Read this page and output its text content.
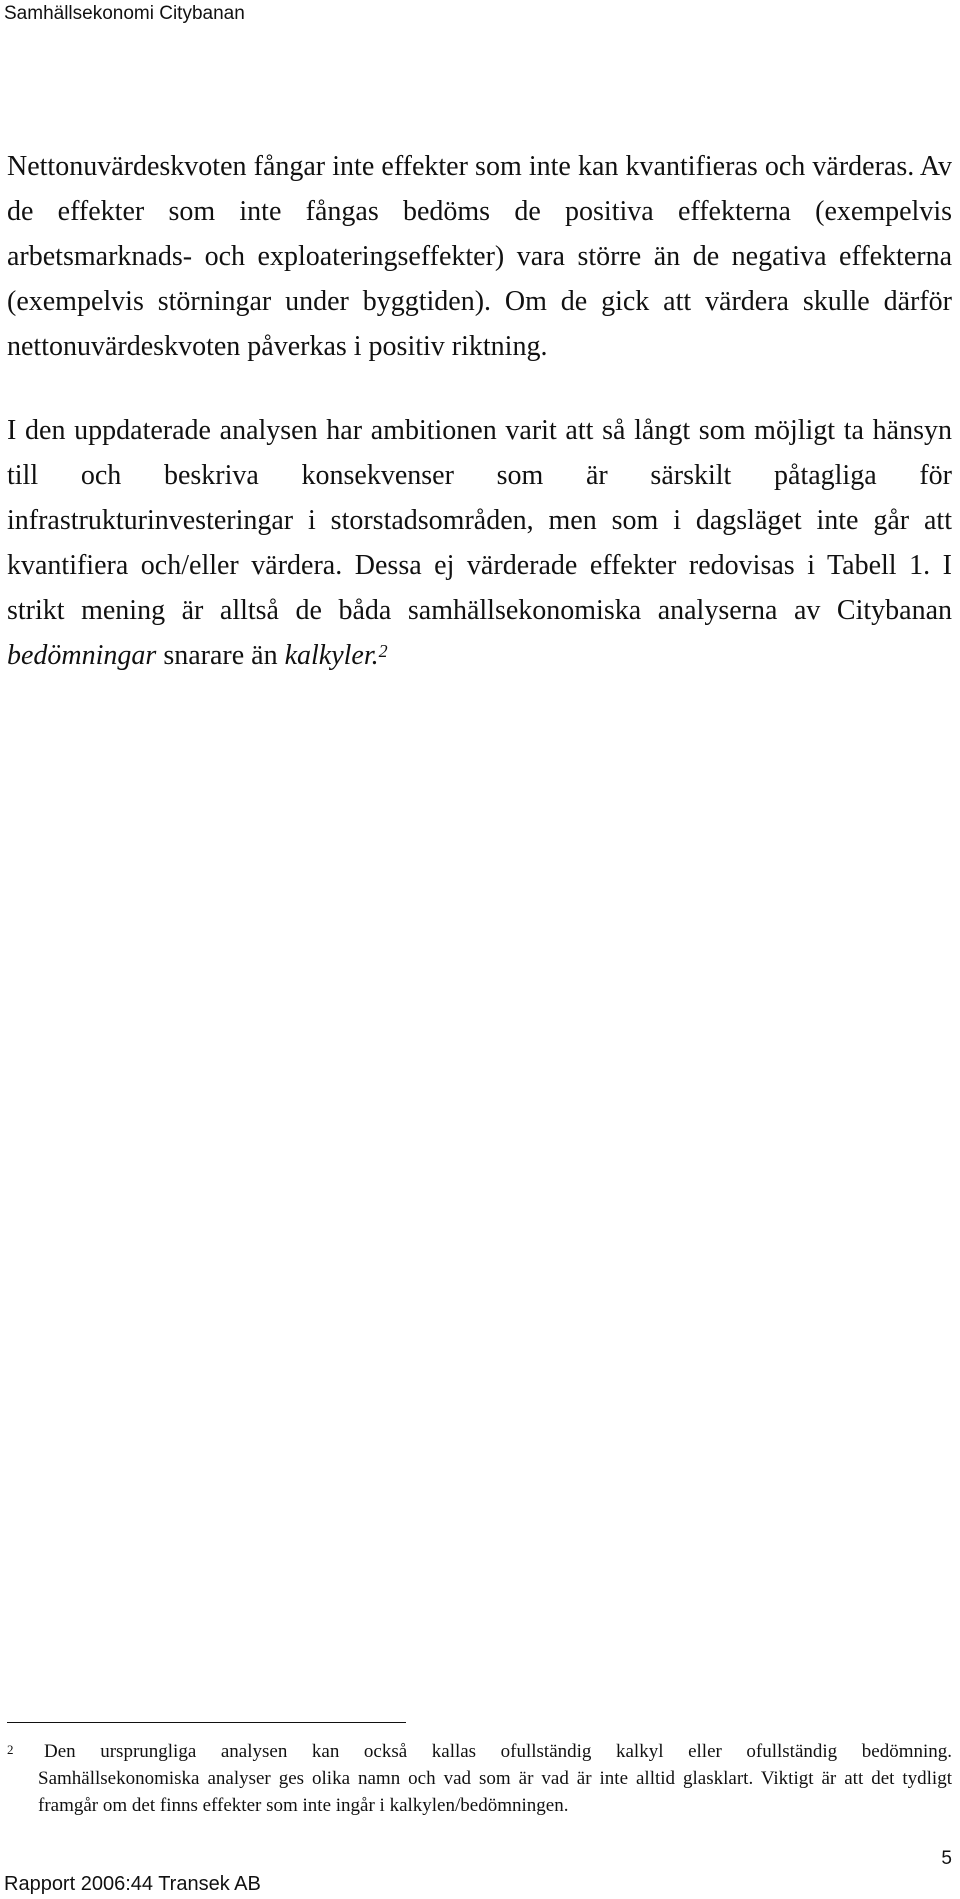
Samhällsekonomi Citybanan

Nettonuvärdeskvoten fångar inte effekter som inte kan kvantifieras och värderas. Av de effekter som inte fångas bedöms de positiva effekterna (exempelvis arbetsmarknads- och exploateringseffekter) vara större än de negativa effekterna (exempelvis störningar under byggtiden). Om de gick att värdera skulle därför nettonuvärdeskvoten påverkas i positiv riktning.

I den uppdaterade analysen har ambitionen varit att så långt som möjligt ta hänsyn till och beskriva konsekvenser som är särskilt påtagliga för infrastrukturinvesteringar i storstadsområden, men som i dagsläget inte går att kvantifiera och/eller värdera. Dessa ej värderade effekter redovisas i Tabell 1. I strikt mening är alltså de båda samhällsekonomiska analyserna av Citybanan bedömningar snarare än kalkyler.$^2$

2 Den ursprungliga analysen kan också kallas ofullständig kalkyl eller ofullständig bedömning.
Samhällsekonomiska analyser ges olika namn och vad som är vad är inte alltid glasklart. Viktigt är att det tydligt framgår om det finns effekter som inte ingår i kalkylen/bedömningen.
5
Rapport 2006:44 Transek AB
